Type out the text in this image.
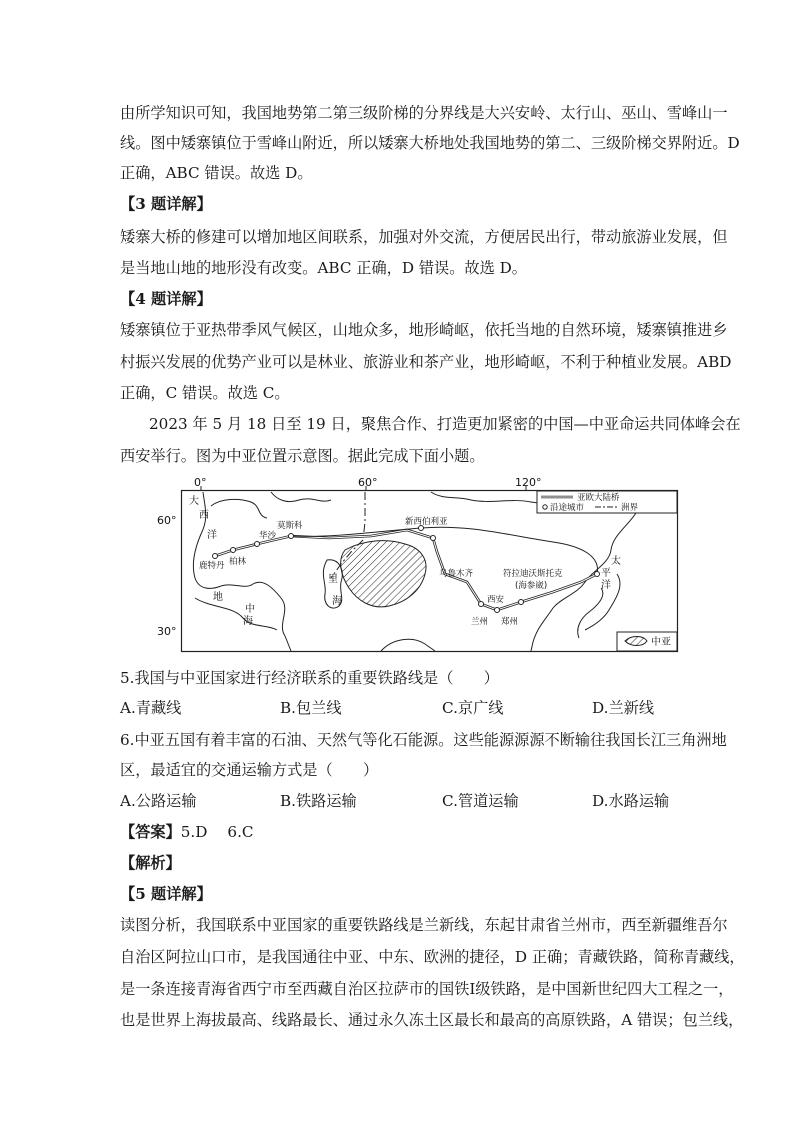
由所学知识可知，我国地势第二第三级阶梯的分界线是大兴安岭、太行山、巫山、雪峰山一
线。图中矮寨镇位于雪峰山附近，所以矮寨大桥地处我国地势的第二、三级阶梯交界附近。D
正确，ABC 错误。故选 D。
【3 题详解】
矮寨大桥的修建可以增加地区间联系，加强对外交流，方便居民出行，带动旅游业发展，但
是当地山地的地形没有改变。ABC 正确，D 错误。故选 D。
【4 题详解】
矮寨镇位于亚热带季风气候区，山地众多，地形崎岖，依托当地的自然环境，矮寨镇推进乡
村振兴发展的优势产业可以是林业、旅游业和茶产业，地形崎岖，不利于种植业发展。ABD
正确，C 错误。故选 C。
2023 年 5 月 18 日至 19 日，聚焦合作、打造更加紧密的中国—中亚命运共同体峰会在
西安举行。图为中亚位置示意图。据此完成下面小题。
0°	60°	120°
60°
30°
大
西
洋
太
平
洋
地
中
海
里
海
鹿特丹 柏林
华沙
莫斯科	新西伯利亚
乌鲁木齐
西安
兰州 郑州
符拉迪沃斯托克
(海参崴)
亚欧大陆桥
沿途城市	洲界
中亚
5.我国与中亚国家进行经济联系的重要铁路线是（　　）
A.青藏线	B.包兰线	C.京广线	D.兰新线
6.中亚五国有着丰富的石油、天然气等化石能源。这些能源源源不断输往我国长江三角洲地
区，最适宜的交通运输方式是（　　）
A.公路运输	B.铁路运输	C.管道运输	D.水路运输
【答案】5.D　 6.C
【解析】
【5 题详解】
读图分析，我国联系中亚国家的重要铁路线是兰新线，东起甘肃省兰州市，西至新疆维吾尔
自治区阿拉山口市，是我国通往中亚、中东、欧洲的捷径，D 正确；青藏铁路，简称青藏线，
是一条连接青海省西宁市至西藏自治区拉萨市的国铁Ⅰ级铁路，是中国新世纪四大工程之一，
也是世界上海拔最高、线路最长、通过永久冻土区最长和最高的高原铁路，A 错误；包兰线，
